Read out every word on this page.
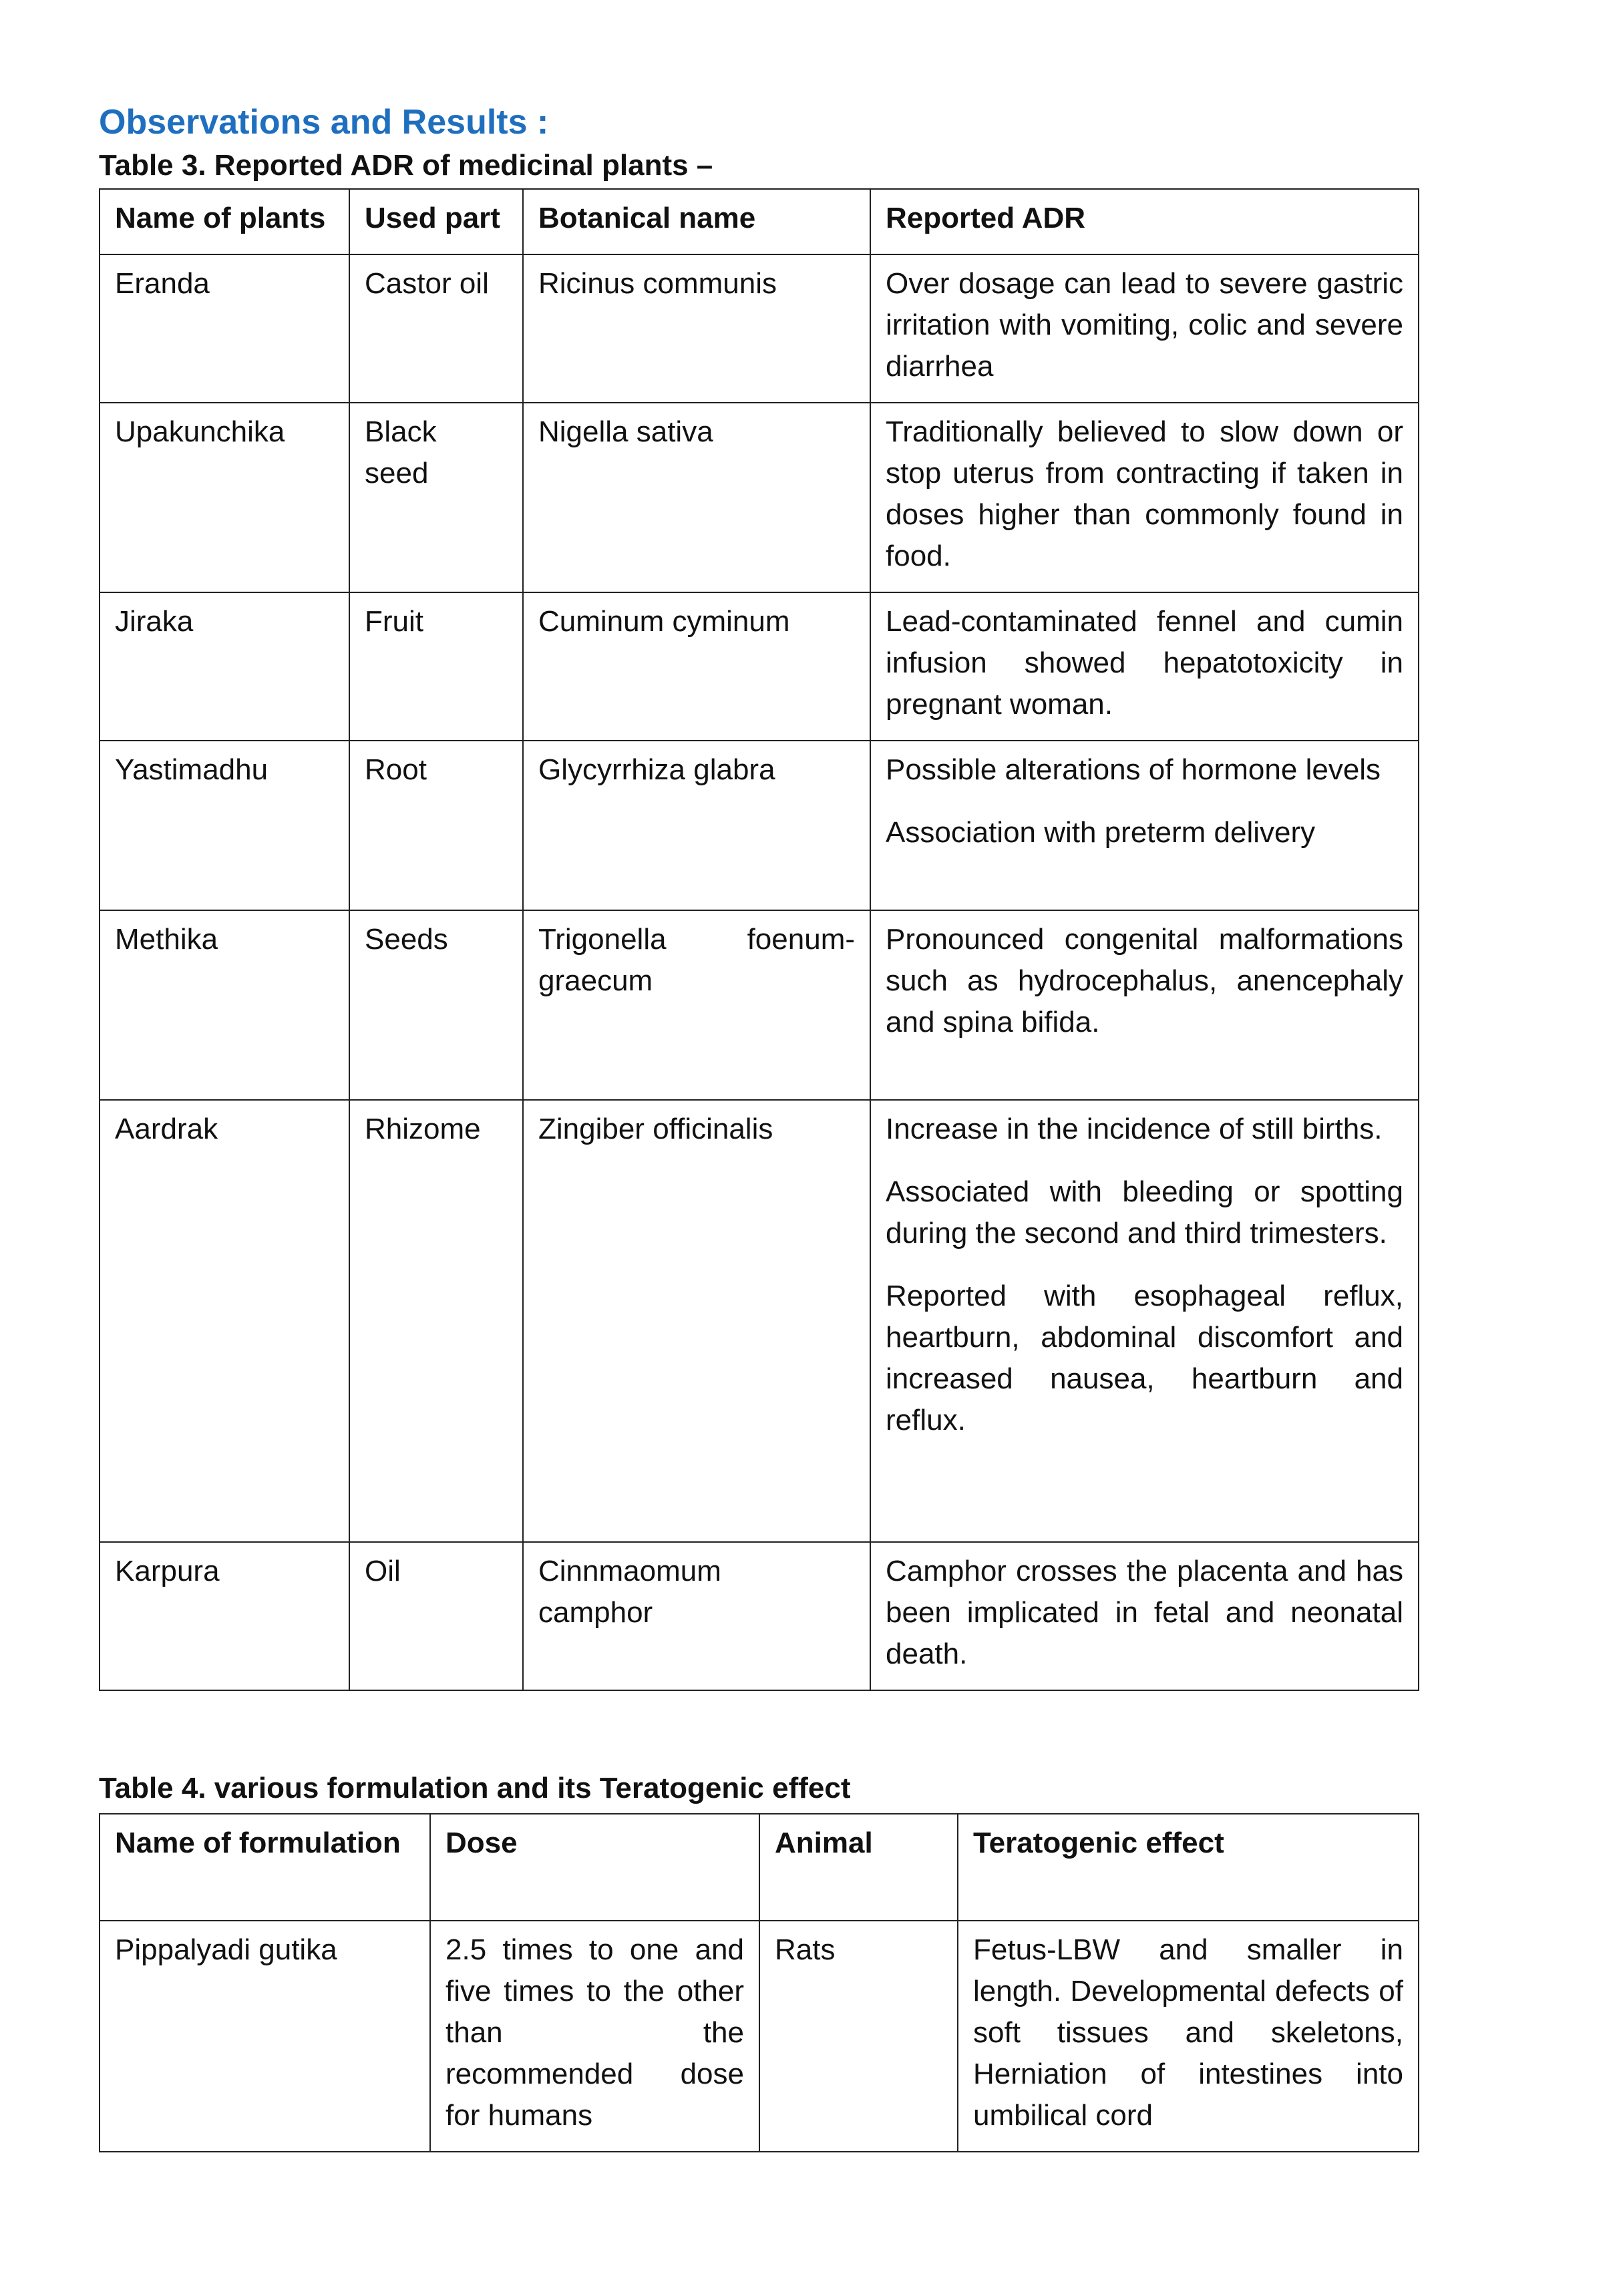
Observations and Results :

Table 3. Reported ADR of medicinal plants –

Name of plants	Used part	Botanical name	Reported ADR
Eranda	Castor oil	Ricinus communis	Over dosage can lead to severe gastric irritation with vomiting, colic and severe diarrhea

Upakunchika	Black seed	Nigella sativa	Traditionally believed to slow down or stop uterus from contracting if taken in doses higher than commonly found in food.

Jiraka	Fruit	Cuminum cyminum	Lead-contaminated fennel and cumin infusion showed hepatotoxicity in pregnant woman.

Yastimadhu	Root	Glycyrrhiza glabra	Possible alterations of hormone levels
Association with preterm delivery

Methika	Seeds	Trigonella foenum-graecum	Pronounced congenital malformations such as hydrocephalus, anencephaly and spina bifida.

Aardrak	Rhizome	Zingiber officinalis	Increase in the incidence of still births.
Associated with bleeding or spotting during the second and third trimesters.
Reported with esophageal reflux, heartburn, abdominal discomfort and increased nausea, heartburn and reflux.

Karpura	Oil	Cinnmaomum camphor	Camphor crosses the placenta and has been implicated in fetal and neonatal death.

Table 4. various formulation and its Teratogenic effect

Name of formulation	Dose	Animal	Teratogenic effect
Pippalyadi gutika	2.5 times to one and five times to the other than the recommended dose for humans	Rats	Fetus-LBW and smaller in length. Developmental defects of soft tissues and skeletons, Herniation of intestines into umbilical cord
